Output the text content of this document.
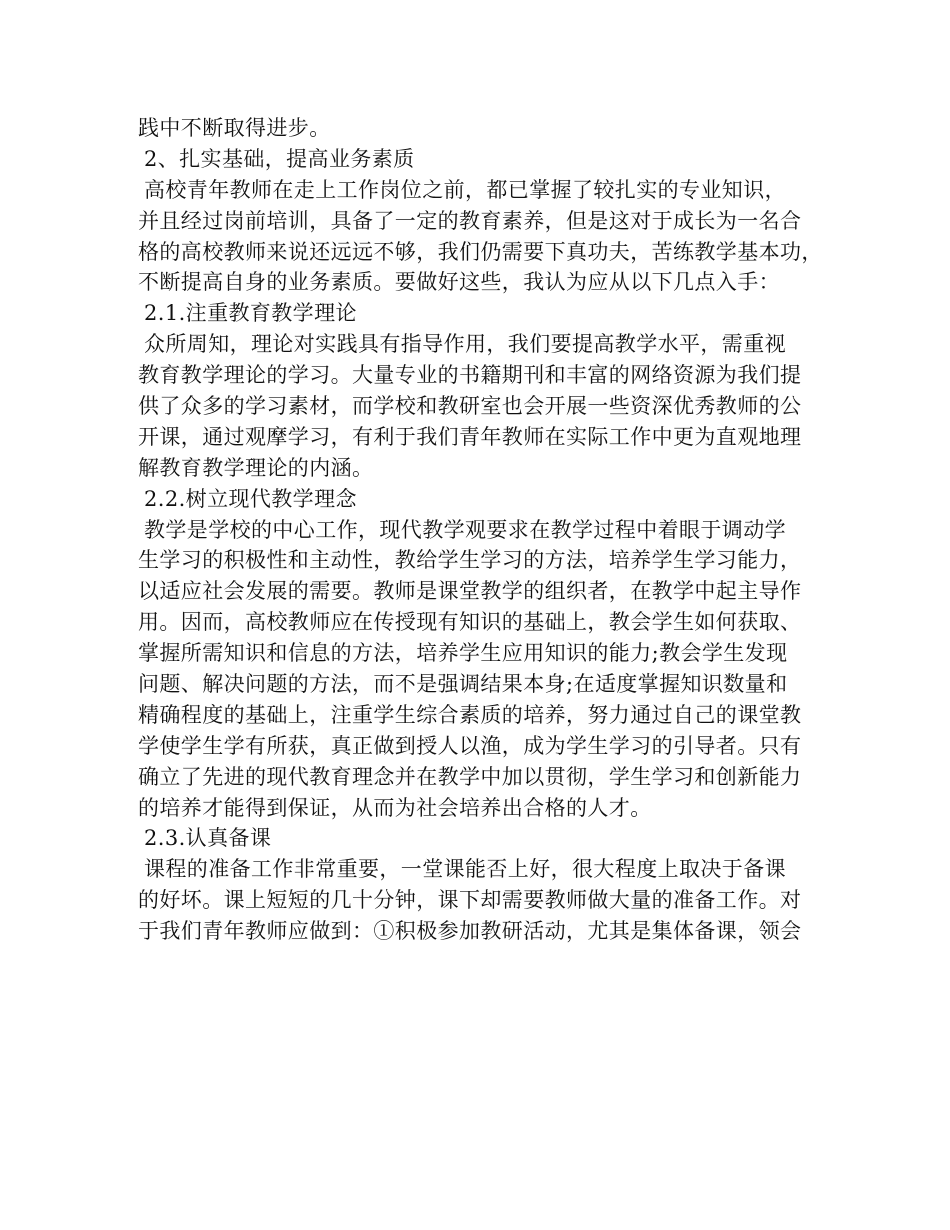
践中不断取得进步。
2、扎实基础，提高业务素质
高校青年教师在走上工作岗位之前，都已掌握了较扎实的专业知识，
并且经过岗前培训，具备了一定的教育素养，但是这对于成长为一名合
格的高校教师来说还远远不够，我们仍需要下真功夫，苦练教学基本功，
不断提高自身的业务素质。要做好这些，我认为应从以下几点入手：
2.1.注重教育教学理论
众所周知，理论对实践具有指导作用，我们要提高教学水平，需重视
教育教学理论的学习。大量专业的书籍期刊和丰富的网络资源为我们提
供了众多的学习素材，而学校和教研室也会开展一些资深优秀教师的公
开课，通过观摩学习，有利于我们青年教师在实际工作中更为直观地理
解教育教学理论的内涵。
2.2.树立现代教学理念
教学是学校的中心工作，现代教学观要求在教学过程中着眼于调动学
生学习的积极性和主动性，教给学生学习的方法，培养学生学习能力，
以适应社会发展的需要。教师是课堂教学的组织者，在教学中起主导作
用。因而，高校教师应在传授现有知识的基础上，教会学生如何获取、
掌握所需知识和信息的方法，培养学生应用知识的能力;教会学生发现
问题、解决问题的方法，而不是强调结果本身;在适度掌握知识数量和
精确程度的基础上，注重学生综合素质的培养，努力通过自己的课堂教
学使学生学有所获，真正做到授人以渔，成为学生学习的引导者。只有
确立了先进的现代教育理念并在教学中加以贯彻，学生学习和创新能力
的培养才能得到保证，从而为社会培养出合格的人才。
2.3.认真备课
课程的准备工作非常重要，一堂课能否上好，很大程度上取决于备课
的好坏。课上短短的几十分钟，课下却需要教师做大量的准备工作。对
于我们青年教师应做到：①积极参加教研活动，尤其是集体备课，领会
